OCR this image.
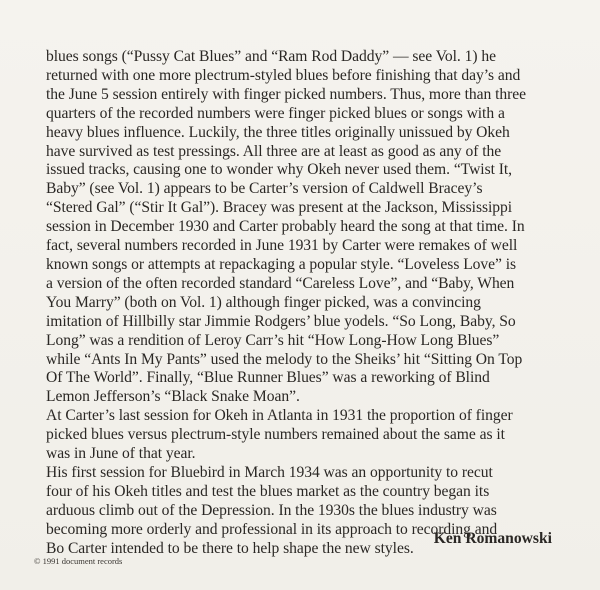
blues songs (“Pussy Cat Blues” and “Ram Rod Daddy” — see Vol. 1) he
returned with one more plectrum-styled blues before finishing that day’s and
the June 5 session entirely with finger picked numbers. Thus, more than three
quarters of the recorded numbers were finger picked blues or songs with a
heavy blues influence. Luckily, the three titles originally unissued by Okeh
have survived as test pressings. All three are at least as good as any of the
issued tracks, causing one to wonder why Okeh never used them. “Twist It,
Baby” (see Vol. 1) appears to be Carter’s version of Caldwell Bracey’s
“Stered Gal” (“Stir It Gal”). Bracey was present at the Jackson, Mississippi
session in December 1930 and Carter probably heard the song at that time. In
fact, several numbers recorded in June 1931 by Carter were remakes of well
known songs or attempts at repackaging a popular style. “Loveless Love” is
a version of the often recorded standard “Careless Love”, and “Baby, When
You Marry” (both on Vol. 1) although finger picked, was a convincing
imitation of Hillbilly star Jimmie Rodgers’ blue yodels. “So Long, Baby, So
Long” was a rendition of Leroy Carr’s hit “How Long-How Long Blues”
while “Ants In My Pants” used the melody to the Sheiks’ hit “Sitting On Top
Of The World”. Finally, “Blue Runner Blues” was a reworking of Blind
Lemon Jefferson’s “Black Snake Moan”.
At Carter’s last session for Okeh in Atlanta in 1931 the proportion of finger
picked blues versus plectrum-style numbers remained about the same as it
was in June of that year.
His first session for Bluebird in March 1934 was an opportunity to recut
four of his Okeh titles and test the blues market as the country began its
arduous climb out of the Depression. In the 1930s the blues industry was
becoming more orderly and professional in its approach to recording and
Bo Carter intended to be there to help shape the new styles.
Ken Romanowski
© 1991 document records
